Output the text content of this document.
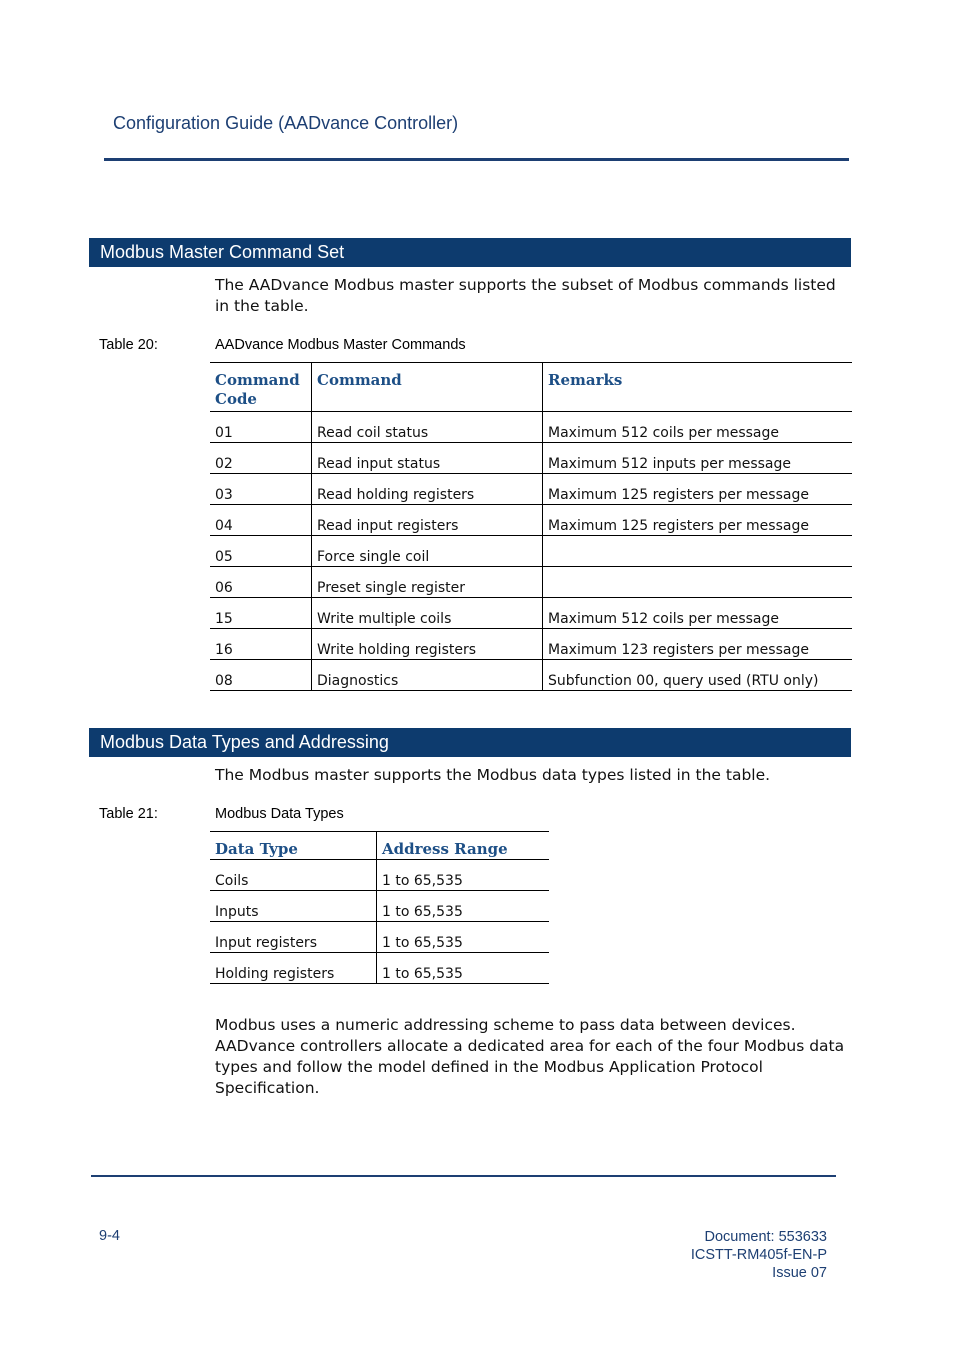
Configuration Guide (AADvance Controller)
Modbus Master Command Set
The AADvance Modbus master supports the subset of Modbus commands listed in the table.
Table 20:	AADvance Modbus Master Commands
Command Code	Command	Remarks
01	Read coil status	Maximum 512 coils per message
02	Read input status	Maximum 512 inputs per message
03	Read holding registers	Maximum 125 registers per message
04	Read input registers	Maximum 125 registers per message
05	Force single coil	
06	Preset single register	
15	Write multiple coils	Maximum 512 coils per message
16	Write holding registers	Maximum 123 registers per message
08	Diagnostics	Subfunction 00, query used (RTU only)
Modbus Data Types and Addressing
The Modbus master supports the Modbus data types listed in the table.
Table 21:	Modbus Data Types
Data Type	Address Range
Coils	1 to 65,535
Inputs	1 to 65,535
Input registers	1 to 65,535
Holding registers	1 to 65,535
Modbus uses a numeric addressing scheme to pass data between devices. AADvance controllers allocate a dedicated area for each of the four Modbus data types and follow the model defined in the Modbus Application Protocol Specification.
9-4	Document: 553633
ICSTT-RM405f-EN-P
Issue 07
